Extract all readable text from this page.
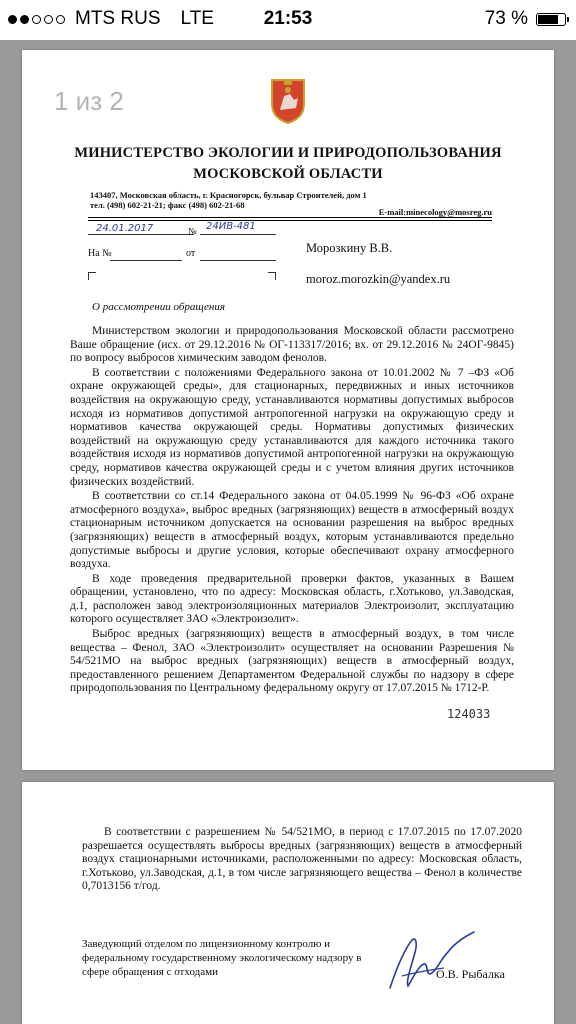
MTS RUS LTE	21:53	73 %
1 из 2
МИНИСТЕРСТВО ЭКОЛОГИИ И ПРИРОДОПОЛЬЗОВАНИЯ
МОСКОВСКОЙ ОБЛАСТИ
143407, Московская область, г. Красногорск, бульвар Строителей, дом 1
тел. (498) 602-21-21; факс (498) 602-21-68
E-mail:minecology@mosreg.ru
24.01.2017	№ 24ИВ-481
На №	от	Морозкину В.В.
moroz.morozkin@yandex.ru
О рассмотрении обращения

Министерством экологии и природопользования Московской области рассмотрено Ваше обращение (исх. от 29.12.2016 № ОГ-113317/2016; вх. от 29.12.2016 № 24ОГ-9845) по вопросу выбросов химическим заводом фенолов.

В соответствии с положениями Федерального закона от 10.01.2002 № 7 –ФЗ «Об охране окружающей среды», для стационарных, передвижных и иных источников воздействия на окружающую среду, устанавливаются нормативы допустимых выбросов исходя из нормативов допустимой антропогенной нагрузки на окружающую среду и нормативов качества окружающей среды. Нормативы допустимых физических воздействий на окружающую среду устанавливаются для каждого источника такого воздействия исходя из нормативов допустимой антропогенной нагрузки на окружающую среду, нормативов качества окружающей среды и с учетом влияния других источников физических воздействий.

В соответствии со ст.14 Федерального закона от 04.05.1999 № 96-ФЗ «Об охране атмосферного воздуха», выброс вредных (загрязняющих) веществ в атмосферный воздух стационарным источником допускается на основании разрешения на выброс вредных (загрязняющих) веществ в атмосферный воздух, которым устанавливаются предельно допустимые выбросы и другие условия, которые обеспечивают охрану атмосферного воздуха.

В ходе проведения предварительной проверки фактов, указанных в Вашем обращении, установлено, что по адресу: Московская область, г.Хотьково, ул.Заводская, д.1, расположен завод электроизоляционных материалов Электроизолит, эксплуатацию которого осуществляет ЗАО «Электроизолит».

Выброс вредных (загрязняющих) веществ в атмосферный воздух, в том числе вещества – Фенол, ЗАО «Электроизолит» осуществляет на основании Разрешения № 54/521МО на выброс вредных (загрязняющих) веществ в атмосферный воздух, предоставленного решением Департаментом Федеральной службы по надзору в сфере природопользования по Центральному федеральному округу от 17.07.2015 № 1712-Р.

124033

В соответствии с разрешением № 54/521МО, в период с 17.07.2015 по 17.07.2020 разрешается осуществлять выбросы вредных (загрязняющих) веществ в атмосферный воздух стационарными источниками, расположенными по адресу: Московская область, г.Хотьково, ул.Заводская, д.1, в том числе загрязняющего вещества – Фенол в количестве 0,7013156 т/год.

Заведующий отделом по лицензионному контролю и федеральному государственному экологическому надзору в сфере обращения с отходами	О.В. Рыбалка
